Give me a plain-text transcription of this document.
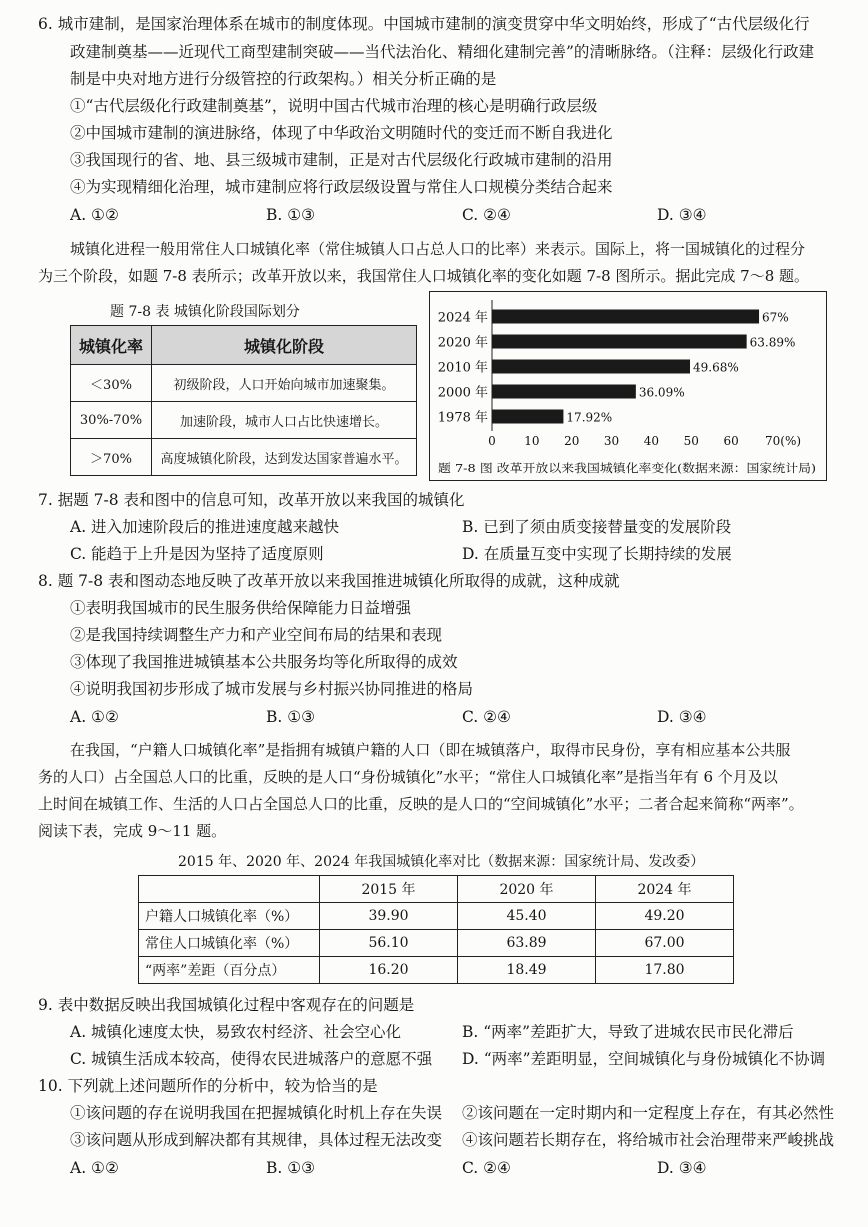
6. 城市建制，是国家治理体系在城市的制度体现。中国城市建制的演变贯穿中华文明始终，形成了“古代层级化行
政建制奠基——近现代工商型建制突破——当代法治化、精细化建制完善”的清晰脉络。（注释：层级化行政建
制是中央对地方进行分级管控的行政架构。）相关分析正确的是
①“古代层级化行政建制奠基”，说明中国古代城市治理的核心是明确行政层级
②中国城市建制的演进脉络，体现了中华政治文明随时代的变迁而不断自我进化
③我国现行的省、地、县三级城市建制，正是对古代层级化行政城市建制的沿用
④为实现精细化治理，城市建制应将行政层级设置与常住人口规模分类结合起来
A. ①②	B. ①③	C. ②④	D. ③④
城镇化进程一般用常住人口城镇化率（常住城镇人口占总人口的比率）来表示。国际上，将一国城镇化的过程分
为三个阶段，如题 7-8 表所示；改革开放以来，我国常住人口城镇化率的变化如题 7-8 图所示。据此完成 7～8 题。
题 7-8 表 城镇化阶段国际划分
城镇化率	城镇化阶段
＜30%	初级阶段，人口开始向城市加速聚集。
30%-70%	加速阶段，城市人口占比快速增长。
＞70%	高度城镇化阶段，达到发达国家普遍水平。
2024 年	67%
2020 年	63.89%
2010 年	49.68%
2000 年	36.09%
1978 年	17.92%
0 10 20 30 40 50 60 70(%)
题 7-8 图 改革开放以来我国城镇化率变化(数据来源：国家统计局)
7. 据题 7-8 表和图中的信息可知，改革开放以来我国的城镇化
A. 进入加速阶段后的推进速度越来越快	B. 已到了须由质变接替量变的发展阶段
C. 能趋于上升是因为坚持了适度原则	D. 在质量互变中实现了长期持续的发展
8. 题 7-8 表和图动态地反映了改革开放以来我国推进城镇化所取得的成就，这种成就
①表明我国城市的民生服务供给保障能力日益增强
②是我国持续调整生产力和产业空间布局的结果和表现
③体现了我国推进城镇基本公共服务均等化所取得的成效
④说明我国初步形成了城市发展与乡村振兴协同推进的格局
A. ①②	B. ①③	C. ②④	D. ③④
在我国，“户籍人口城镇化率”是指拥有城镇户籍的人口（即在城镇落户，取得市民身份，享有相应基本公共服
务的人口）占全国总人口的比重，反映的是人口“身份城镇化”水平；“常住人口城镇化率”是指当年有 6 个月及以
上时间在城镇工作、生活的人口占全国总人口的比重，反映的是人口的“空间城镇化”水平；二者合起来简称“两率”。
阅读下表，完成 9～11 题。
2015 年、2020 年、2024 年我国城镇化率对比（数据来源：国家统计局、发改委）
	2015 年	2020 年	2024 年
户籍人口城镇化率（%）	39.90	45.40	49.20
常住人口城镇化率（%）	56.10	63.89	67.00
“两率”差距（百分点）	16.20	18.49	17.80
9. 表中数据反映出我国城镇化过程中客观存在的问题是
A. 城镇化速度太快，易致农村经济、社会空心化	B. “两率”差距扩大，导致了进城农民市民化滞后
C. 城镇生活成本较高，使得农民进城落户的意愿不强 D. “两率”差距明显，空间城镇化与身份城镇化不协调
10. 下列就上述问题所作的分析中，较为恰当的是
①该问题的存在说明我国在把握城镇化时机上存在失误 ②该问题在一定时期内和一定程度上存在，有其必然性
③该问题从形成到解决都有其规律，具体过程无法改变 ④该问题若长期存在，将给城市社会治理带来严峻挑战
A. ①②	B. ①③	C. ②④	D. ③④
